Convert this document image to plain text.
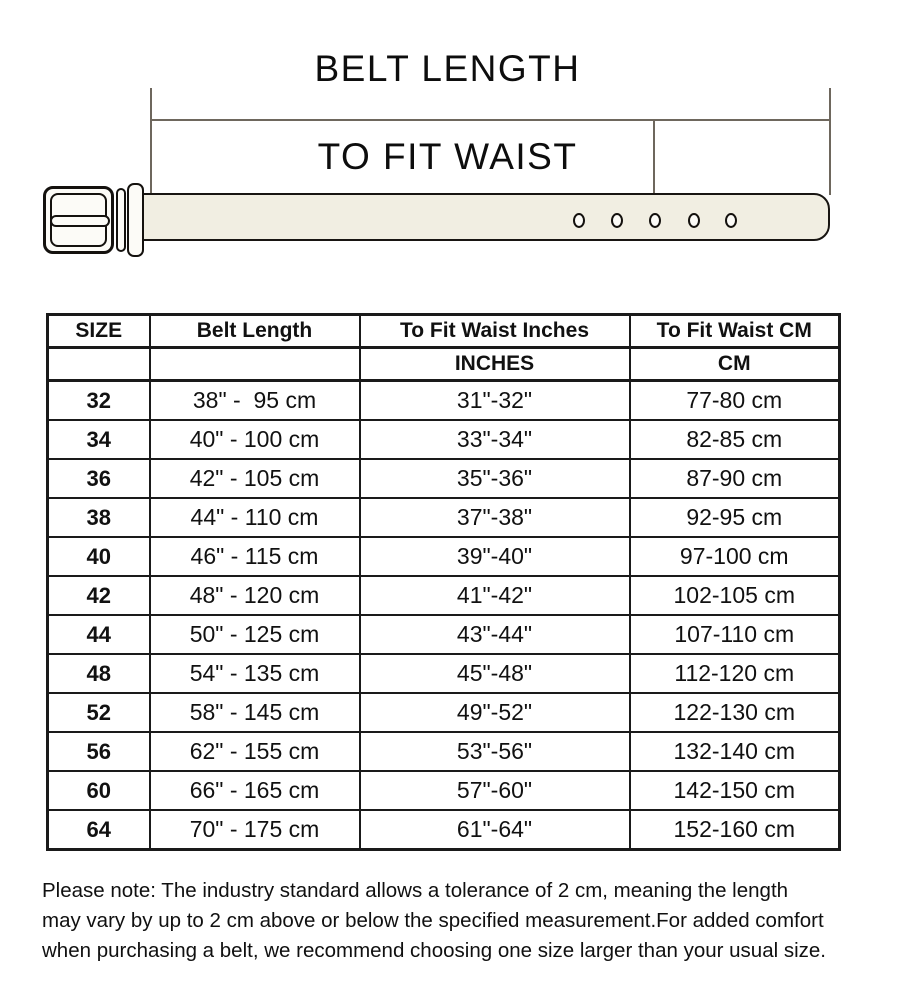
BELT LENGTH
TO FIT WAIST
SIZE	Belt Length	To Fit Waist Inches	To Fit Waist CM
		INCHES	CM
32	38" -  95 cm	31"-32"	77-80 cm
34	40" - 100 cm	33"-34"	82-85 cm
36	42" - 105 cm	35"-36"	87-90 cm
38	44" - 110 cm	37"-38"	92-95 cm
40	46" - 115 cm	39"-40"	97-100 cm
42	48" - 120 cm	41"-42"	102-105 cm
44	50" - 125 cm	43"-44"	107-110 cm
48	54" - 135 cm	45"-48"	112-120 cm
52	58" - 145 cm	49"-52"	122-130 cm
56	62" - 155 cm	53"-56"	132-140 cm
60	66" - 165 cm	57"-60"	142-150 cm
64	70" - 175 cm	61"-64"	152-160 cm
Please note: The industry standard allows a tolerance of 2 cm, meaning the length
may vary by up to 2 cm above or below the specified measurement.For added comfort
when purchasing a belt, we recommend choosing one size larger than your usual size.
